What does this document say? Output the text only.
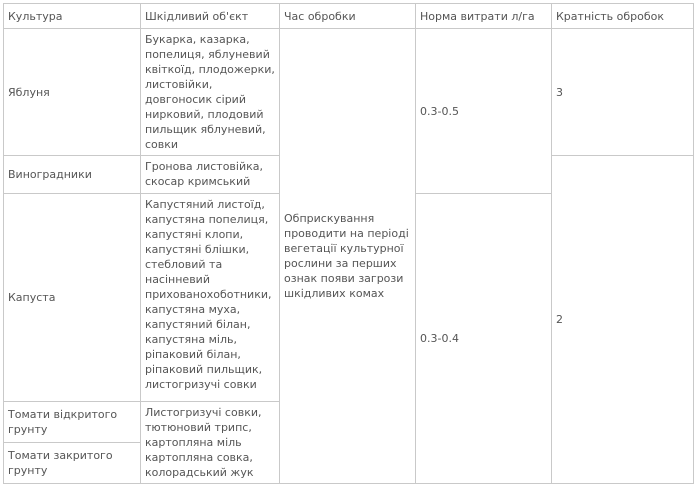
Культура	Шкідливий об'єкт	Час обробки	Норма витрати л/га	Кратність обробок
Яблуня	Букарка, казарка, попелиця, яблуневий квіткоїд, плодожерки, листовійки, довгоносик сірий нирковий, плодовий пильщик яблуневий, совки	Обприскування проводити на періоді вегетації культурної рослини за перших ознак появи загрози шкідливих комах	0.3-0.5	3
Виноградники	Гронова листовійка, скосар кримський			2
Капуста	Капустяний листоїд, капустяна попелиця, капустяні клопи, капустяні блішки, стебловий та насінневий прихованохоботники, капустяна муха, капустяний білан, капустяна міль, ріпаковий білан, ріпаковий пильщик, листогризучі совки		0.3-0.4	
Томати відкритого грунту	Листогризучі совки, тютюновий трипс, картопляна міль картопляна совка, колорадський жук			
Томати закритого грунту				
